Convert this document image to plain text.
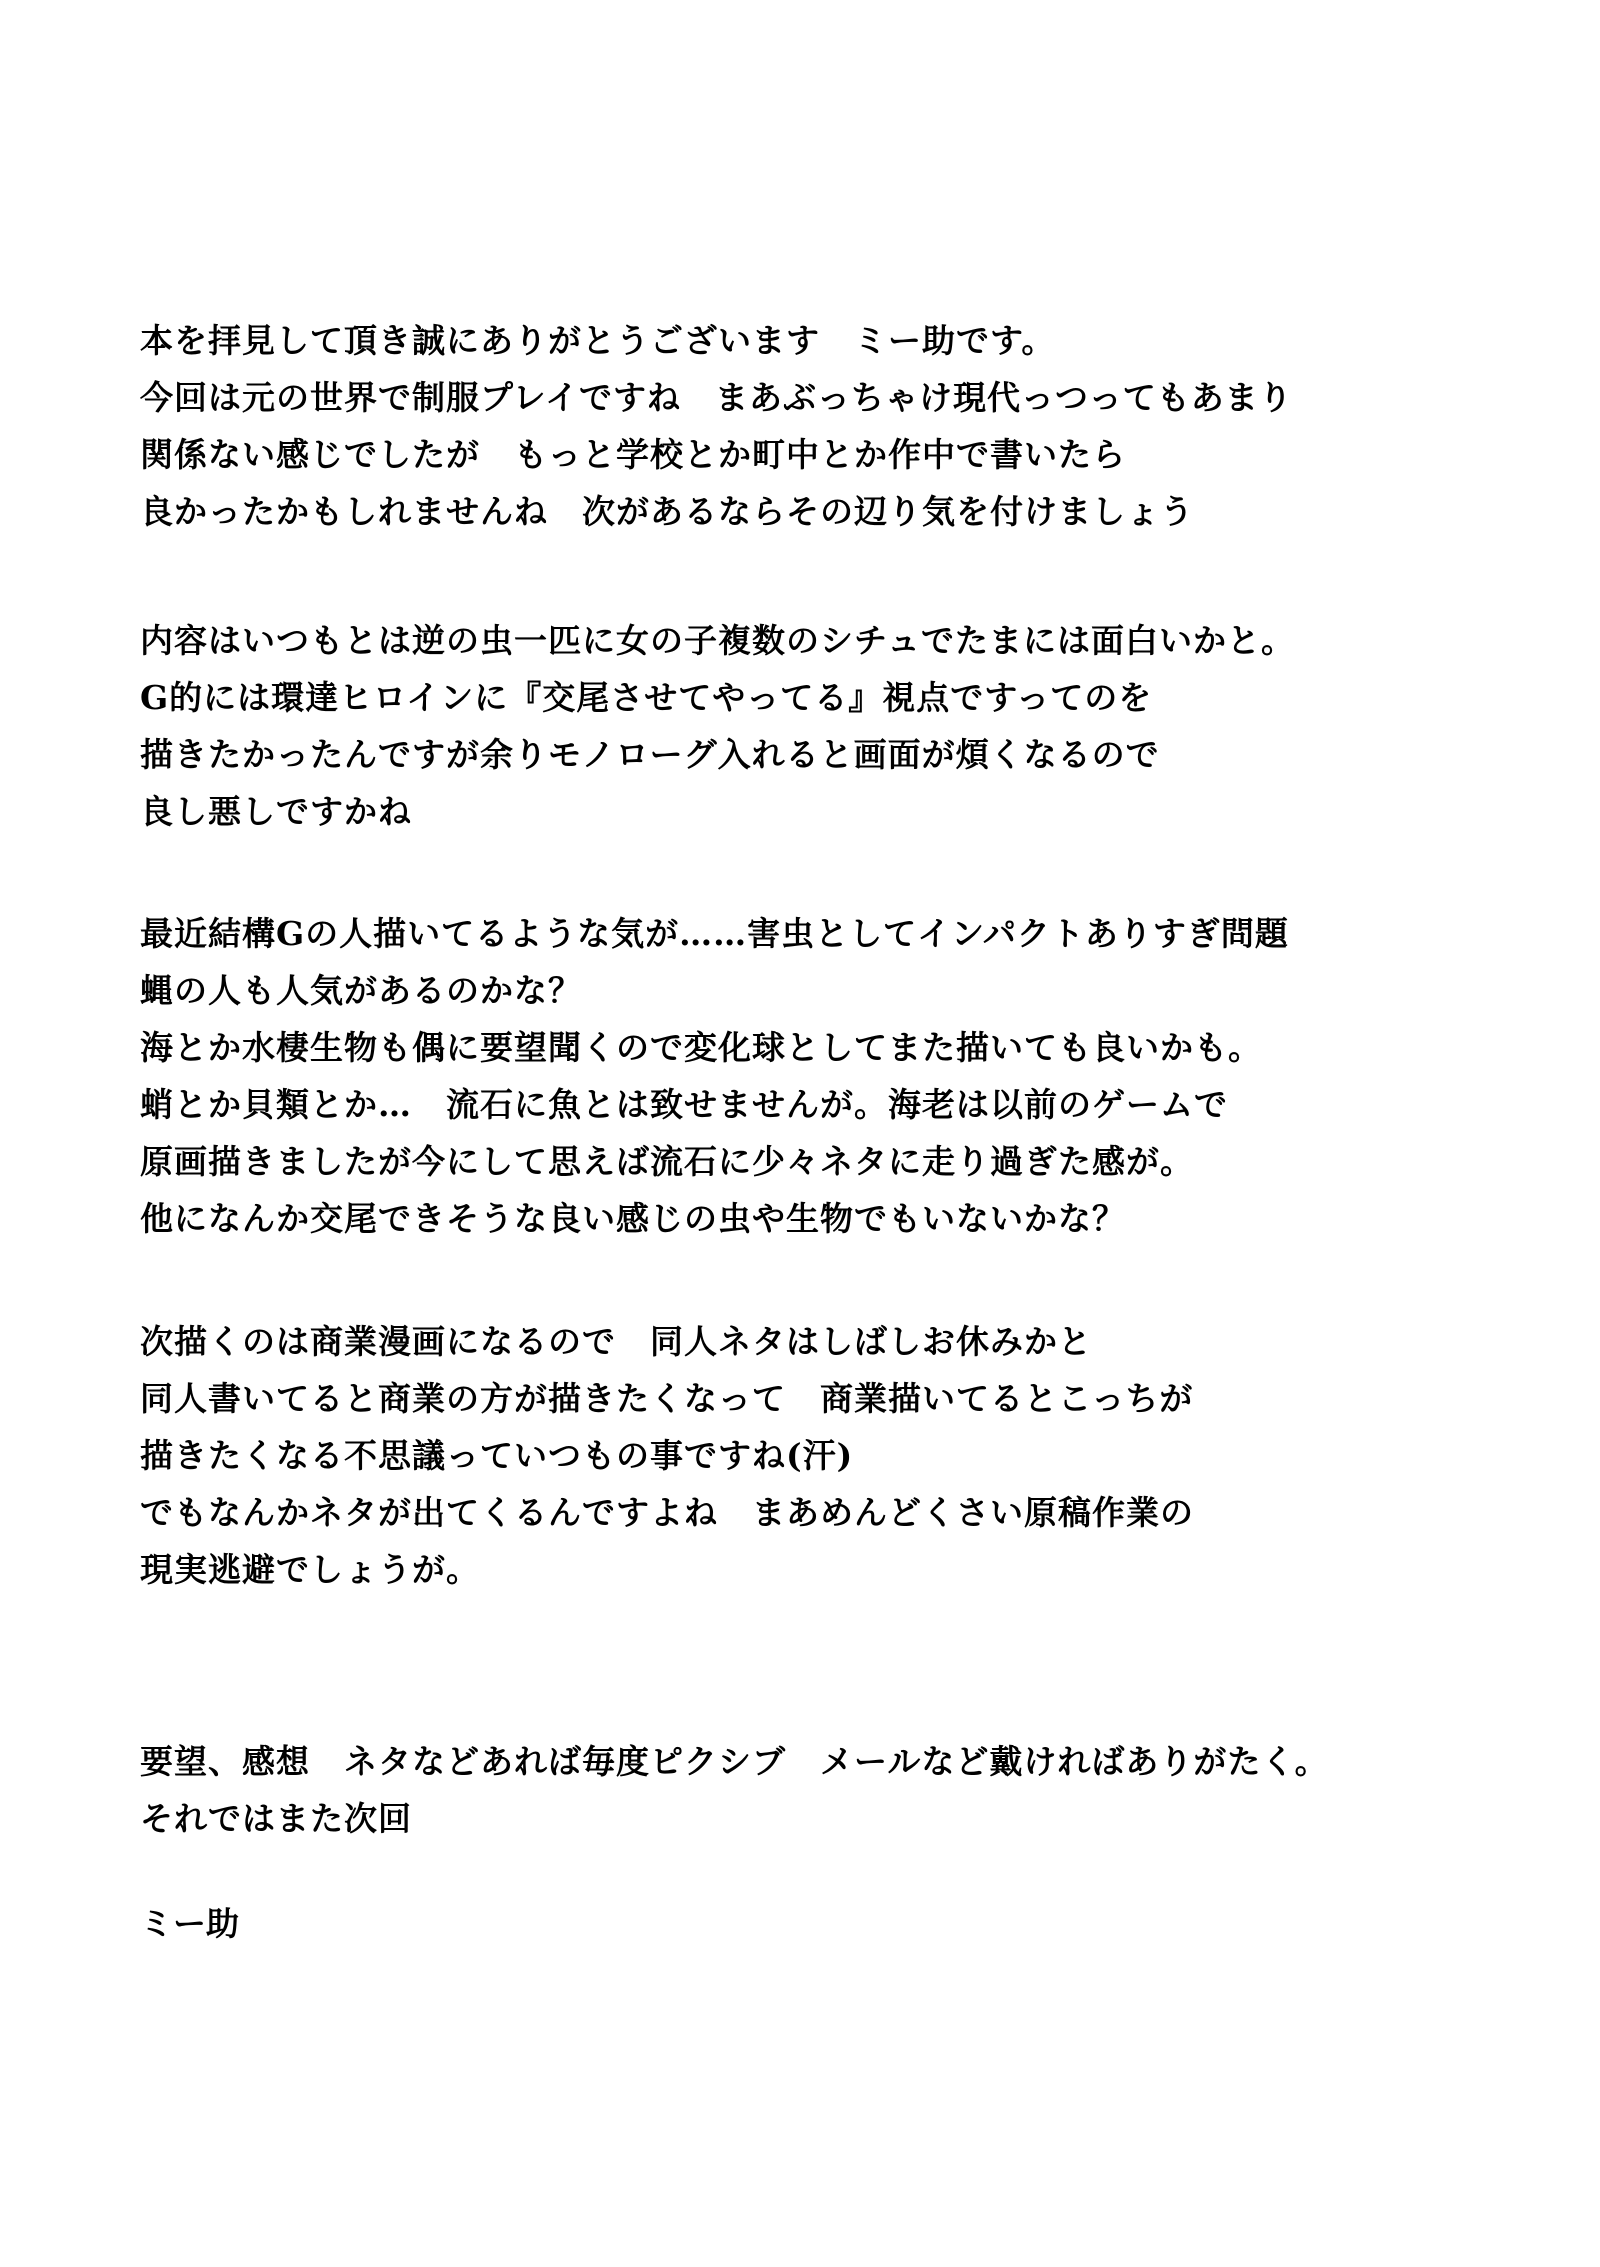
本を拝見して頂き誠にありがとうございます　ミー助です。
今回は元の世界で制服プレイですね　まあぶっちゃけ現代っつってもあまり
関係ない感じでしたが　もっと学校とか町中とか作中で書いたら
良かったかもしれませんね　次があるならその辺り気を付けましょう
内容はいつもとは逆の虫一匹に女の子複数のシチュでたまには面白いかと。
G的には環達ヒロインに『交尾させてやってる』視点ですってのを
描きたかったんですが余りモノローグ入れると画面が煩くなるので
良し悪しですかね
最近結構Gの人描いてるような気が……害虫としてインパクトありすぎ問題
蝿の人も人気があるのかな？
海とか水棲生物も偶に要望聞くので変化球としてまた描いても良いかも。
蛸とか貝類とか…　流石に魚とは致せませんが。海老は以前のゲームで
原画描きましたが今にして思えば流石に少々ネタに走り過ぎた感が。
他になんか交尾できそうな良い感じの虫や生物でもいないかな？
次描くのは商業漫画になるので　同人ネタはしばしお休みかと
同人書いてると商業の方が描きたくなって　商業描いてるとこっちが
描きたくなる不思議っていつもの事ですね(汗)
でもなんかネタが出てくるんですよね　まあめんどくさい原稿作業の
現実逃避でしょうが。
要望、感想　ネタなどあれば毎度ピクシブ　メールなど戴ければありがたく。
それではまた次回
ミー助
